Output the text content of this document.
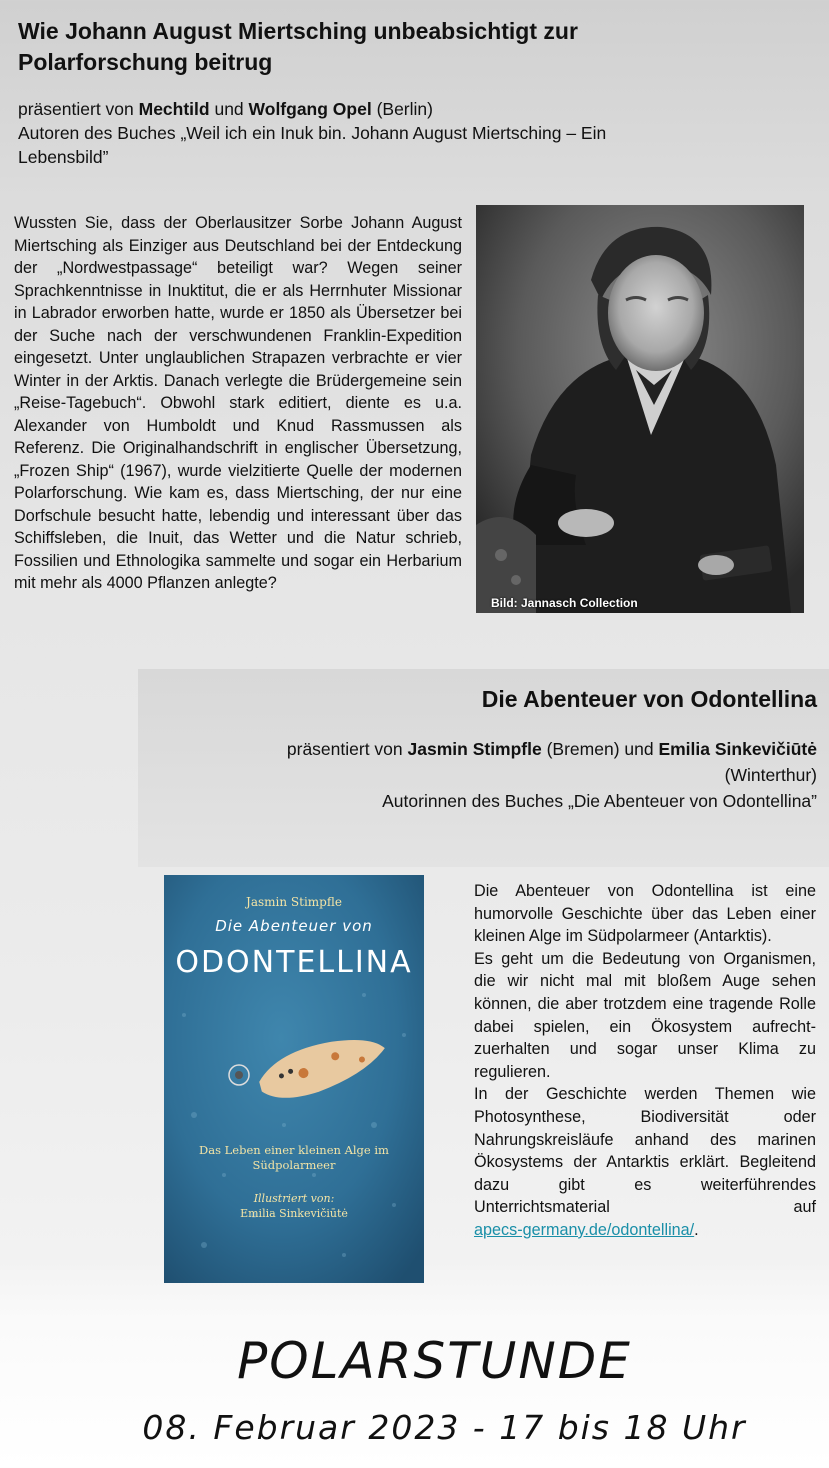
Wie Johann August Miertsching unbeabsichtigt zur Polarforschung beitrug
präsentiert von Mechtild und Wolfgang Opel (Berlin)
Autoren des Buches „Weil ich ein Inuk bin. Johann August Miertsching – Ein Lebensbild”
Wussten Sie, dass der Oberlausitzer Sorbe Johann August Miertsching als Einziger aus Deutschland bei der Entdeckung der „Nordwestpassage“ beteiligt war? Wegen seiner Sprachkenntnisse in Inuktitut, die er als Herrnhuter Missionar in Labrador erworben hatte, wurde er 1850 als Übersetzer bei der Suche nach der verschwundenen Franklin-Expedition eingesetzt. Unter unglaublichen Strapazen verbrachte er vier Winter in der Arktis. Danach verlegte die Brüdergemeine sein „Reise-Tagebuch“. Obwohl stark editiert, diente es u.a. Alexander von Humboldt und Knud Rassmussen als Referenz. Die Originalhandschrift in englischer Übersetzung, „Frozen Ship“ (1967), wurde vielzitierte Quelle der modernen Polarforschung. Wie kam es, dass Miertsching, der nur eine Dorfschule besucht hatte, lebendig und interessant über das Schiffsleben, die Inuit, das Wetter und die Natur schrieb, Fossilien und Ethnologika sammelte und sogar ein Herbarium mit mehr als 4000 Pflanzen anlegte?
Bild: Jannasch Collection
Die Abenteuer von Odontellina
präsentiert von Jasmin Stimpfle (Bremen) und Emilia Sinkevičiūtė
(Winterthur)
Autorinnen des Buches „Die Abenteuer von Odontellina”
Jasmin Stimpfle
Die Abenteuer von
ODONTELLINA
Das Leben einer kleinen Alge im
Südpolarmeer
Illustriert von:
Emilia Sinkevičiūtė

Die Abenteuer von Odontellina ist eine humorvolle Geschichte über das Leben einer kleinen Alge im Südpolarmeer (Antarktis).

Es geht um die Bedeutung von Organismen, die wir nicht mal mit bloßem Auge sehen können, die aber trotzdem eine tragende Rolle dabei spielen, ein Ökosystem aufrecht-zuerhalten und sogar unser Klima zu regulieren.

In der Geschichte werden Themen wie Photosynthese, Biodiversität oder Nahrungskreisläufe anhand des marinen Ökosystems der Antarktis erklärt. Begleitend dazu gibt es weiterführendes Unterrichtsmaterial auf

apecs-germany.de/odontellina/.

POLARSTUNDE
08. Februar 2023 - 17 bis 18 Uhr
